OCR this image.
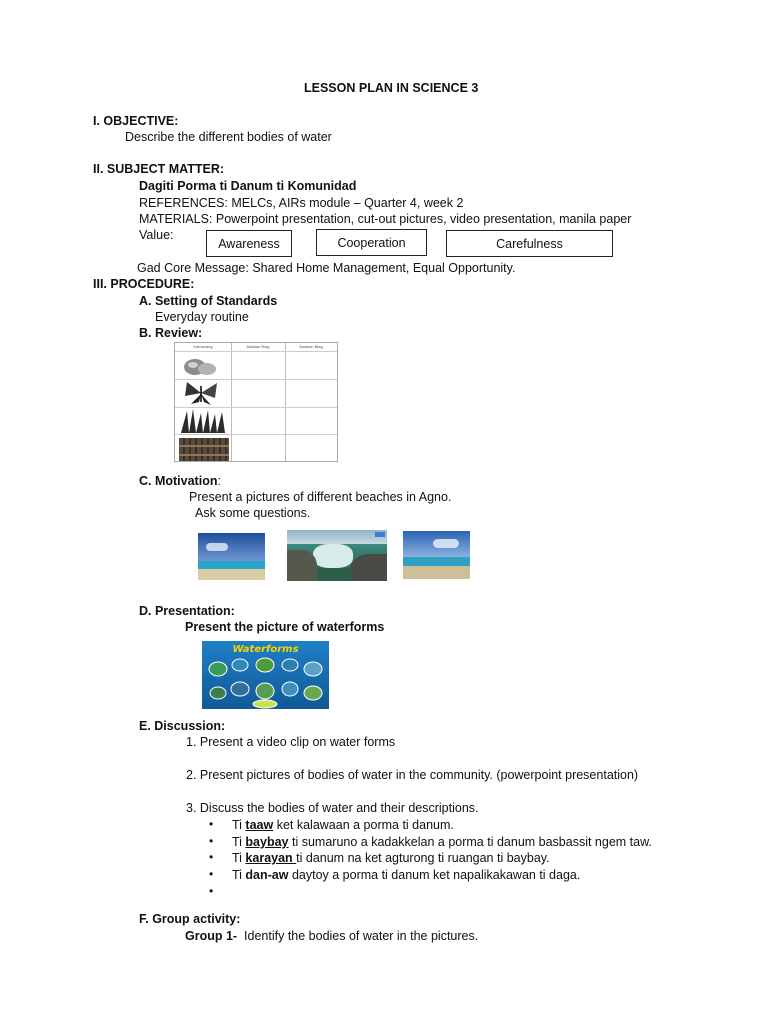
LESSON PLAN IN SCIENCE 3
I. OBJECTIVE:
Describe the different bodies of water
II. SUBJECT MATTER:
Dagiti Porma ti Danum ti Komunidad
REFERENCES: MELCs, AIRs module – Quarter 4, week 2
MATERIALS: Powerpoint presentation, cut-out pictures, video presentation, manila paper
Value:
Awareness	Cooperation	Carefulness
Gad Core Message: Shared Home Management, Equal Opportunity.
III. PROCEDURE:
A. Setting of Standards
Everyday routine
B. Review:
Kamanang	Addaan Biag	Awanan Biag
C. Motivation:
Present a pictures of different beaches in Agno.
Ask some questions.
D. Presentation:
Present the picture of waterforms
Waterforms
E. Discussion:
1. Present a video clip on water forms
2. Present pictures of bodies of water in the community. (powerpoint presentation)
3. Discuss the bodies of water and their descriptions.
• Ti taaw ket kalawaan a porma ti danum.
• Ti baybay ti sumaruno a kadakkelan a porma ti danum basbassit ngem taw.
• Ti karayan ti danum na ket agturong ti ruangan ti baybay.
• Ti dan-aw daytoy a porma ti danum ket napalikakawan ti daga.
•
F. Group activity:
Group 1-  Identify the bodies of water in the pictures.
